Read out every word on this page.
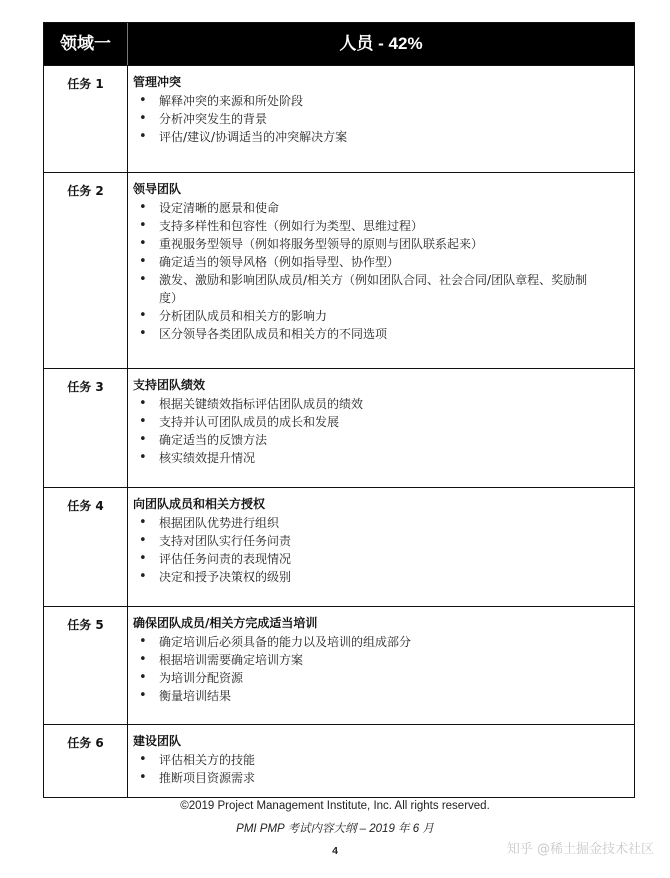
领域一	人员 - 42%
任务 1	管理冲突
• 解释冲突的来源和所处阶段
• 分析冲突发生的背景
• 评估/建议/协调适当的冲突解决方案
任务 2	领导团队
• 设定清晰的愿景和使命
• 支持多样性和包容性（例如行为类型、思维过程）
• 重视服务型领导（例如将服务型领导的原则与团队联系起来）
• 确定适当的领导风格（例如指导型、协作型）
• 激发、激励和影响团队成员/相关方（例如团队合同、社会合同/团队章程、奖励制度）
• 分析团队成员和相关方的影响力
• 区分领导各类团队成员和相关方的不同选项
任务 3	支持团队绩效
• 根据关键绩效指标评估团队成员的绩效
• 支持并认可团队成员的成长和发展
• 确定适当的反馈方法
• 核实绩效提升情况
任务 4	向团队成员和相关方授权
• 根据团队优势进行组织
• 支持对团队实行任务问责
• 评估任务问责的表现情况
• 决定和授予决策权的级别
任务 5	确保团队成员/相关方完成适当培训
• 确定培训后必须具备的能力以及培训的组成部分
• 根据培训需要确定培训方案
• 为培训分配资源
• 衡量培训结果
任务 6	建设团队
• 评估相关方的技能
• 推断项目资源需求
©2019 Project Management Institute, Inc. All rights reserved.
PMI PMP 考试内容大纲 – 2019 年 6 月
4	知乎 @稀土掘金技术社区
